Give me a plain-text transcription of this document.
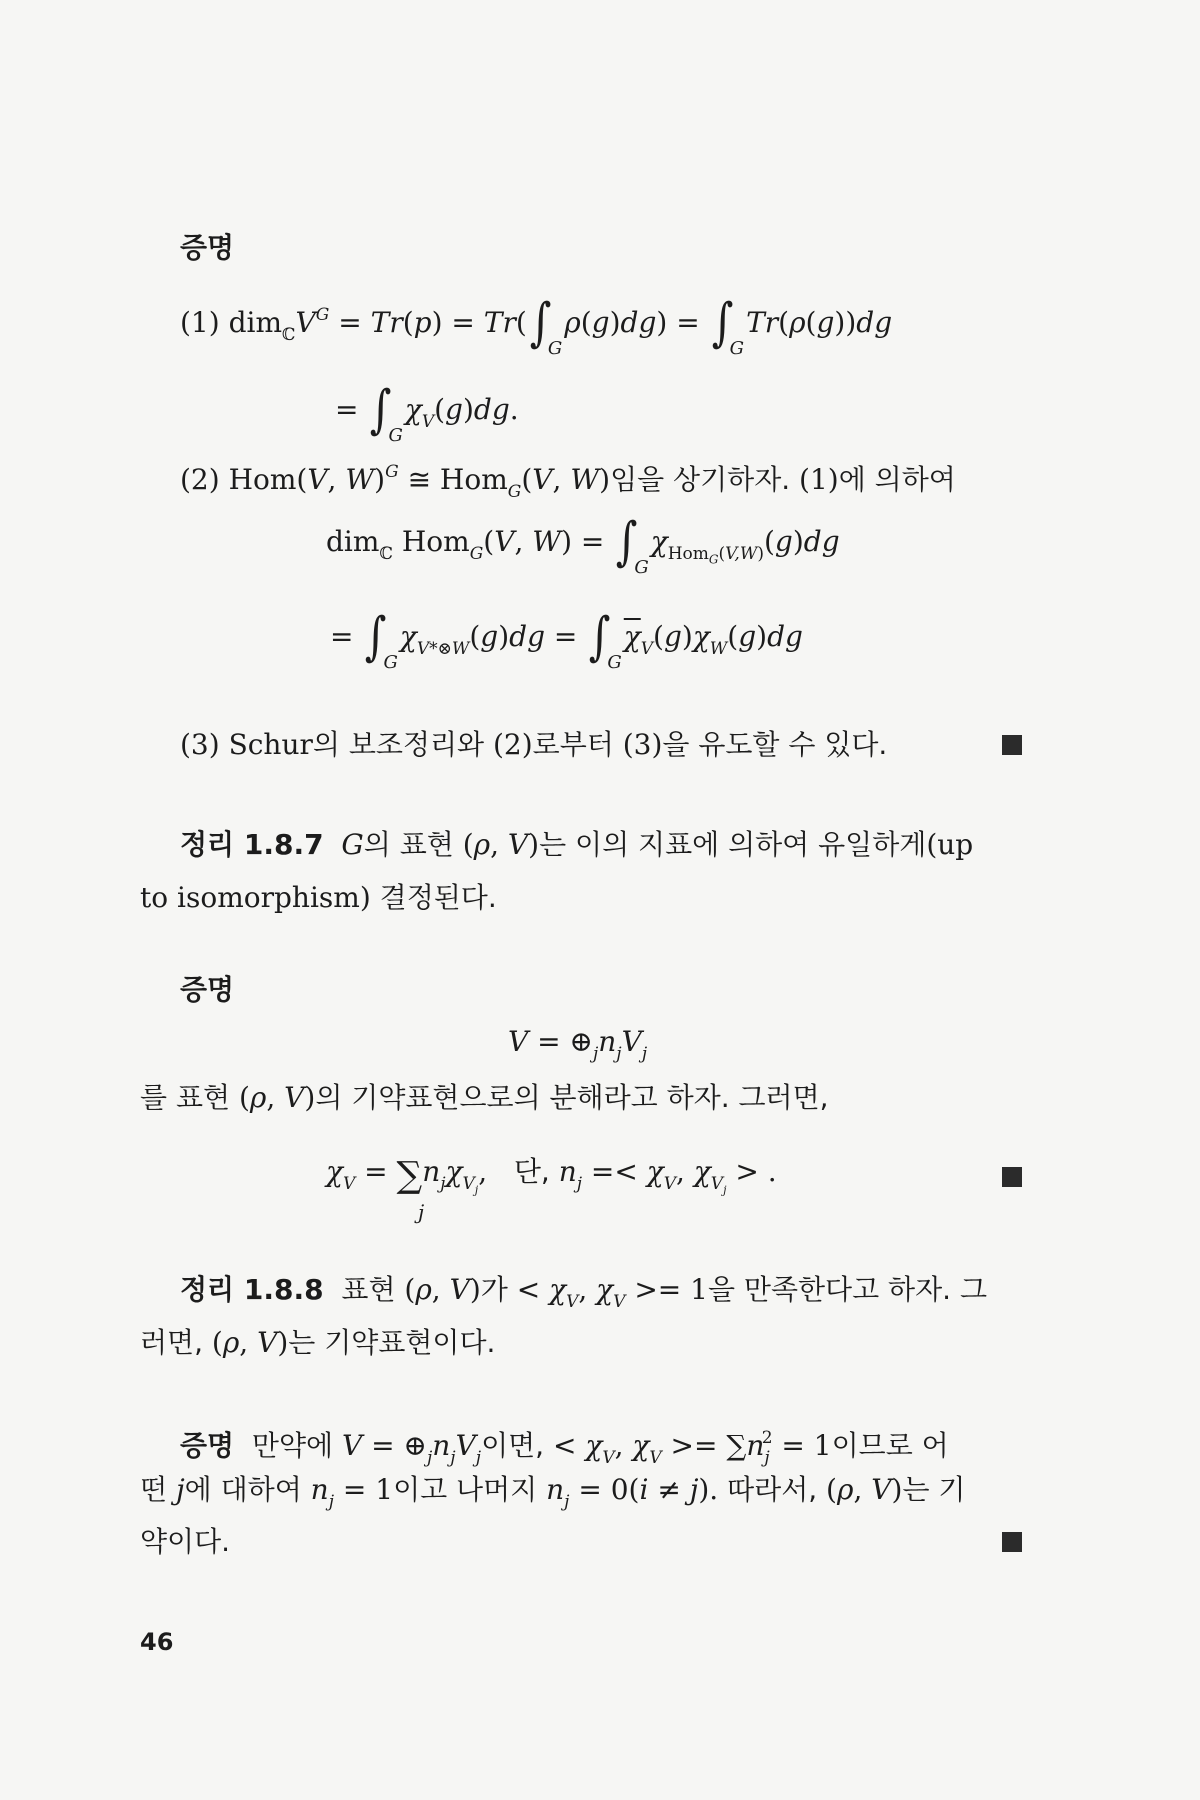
증명
(1) $dim_ℂV^G = Tr(p) = Tr(\int_G\rho(g)dg) = \int_GTr(\rho(g))dg$
= $\int_G\chi_V(g)dg$.
(2) Hom(V, W)$^G$ ≅ Hom$_G$(V, W)임을 상기하자. (1)에 의하여
dim$_ℂ$ Hom$_G$(V, $W) = \int_G\chi_{Hom_G(V,W)}(g)dg$
= $\int_G\chi_{V*\otimes W}(g)dg = \int_G\overline{\chi}_V(g)\chi_W(g)dg$
(3) Schur의 보조정리와 (2)로부터 (3)을 유도할 수 있다.
정리 1.8.7 G의 표현 (ρ, V)는 이의 지표에 의하여 유일하게(up
to isomorphism) 결정된다.
증명
$V = \oplus_jn_jV_j$
를 표현 (ρ, V)의 기약표현으로의 분해라고 하자. 그러면,
$\chi_V = \sum n_j\chi_{V_j}$,   단, $n_j =< \chi_V$, $\chi_{V_j}$ > .
j
정리 1.8.8 표현 (ρ, V)가 < $\chi_V$, $\chi_V >= 1$을 만족한다고 하자. 그
러면, (ρ, V)는 기약표현이다.
증명 만약에 $V = \oplus_jn_jV_j$이면, < $\chi_V$, $\chi_V >= \sum n_j^2 = 1$이므로 어
떤 j에 대하여 $n_j = 1$이고 나머지 $n_j = 0(i \ne j)$. 따라서, (ρ, V)는 기
약이다.
46
